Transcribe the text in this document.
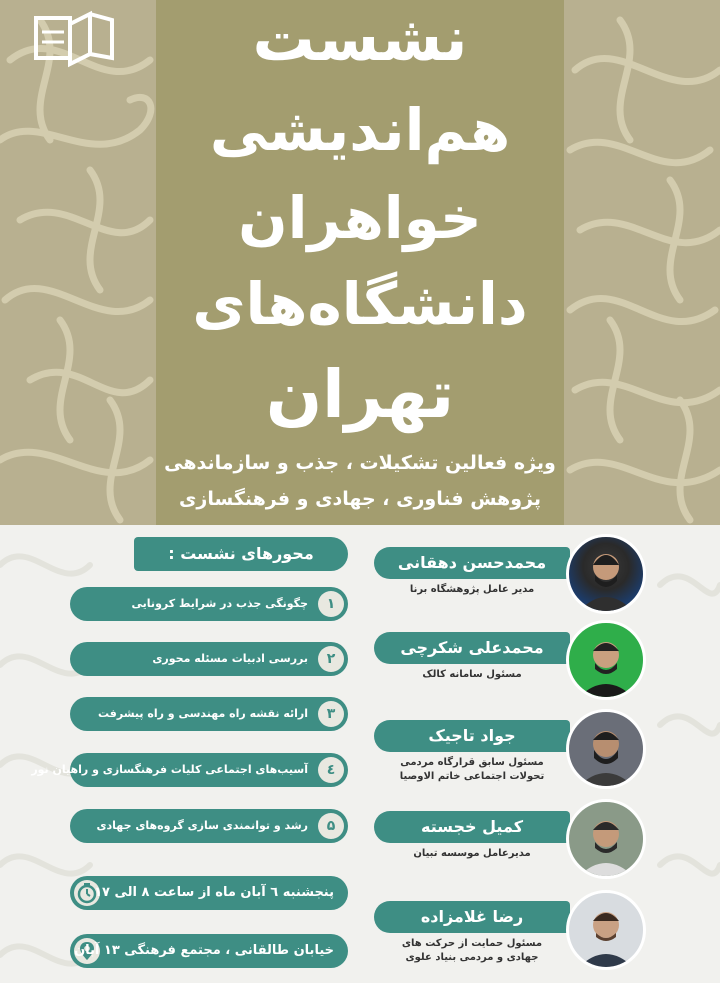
نشست
هم‌اندیشی
خواهران
دانشگاه‌های
تهران
ویژه فعالین تشکیلات ، جذب و سازماندهی
پژوهش فناوری ، جهادی و فرهنگسازی
محورهای نشست :
۱
چگونگی جذب در شرایط کرونایی
۲
بررسی ادبیات مسئله محوری
۳
ارائه نقشه راه مهندسی و راه پیشرفت
٤
آسیب‌های اجتماعی کلیات فرهنگسازی و راهیان نور
۵
رشد و توانمندی سازی گروه‌های جهادی
پنجشنبه ٦ آبان ماه از ساعت ۸ الی ۱۷
خیابان طالقانی ، مجتمع فرهنگی ۱۳ آبان
محمدحسن دهقانی
مدیر عامل پژوهشگاه برنا
محمدعلی شکرچی
مسئول سامانه کالک
جواد تاجیک
مسئول سابق قرارگاه مردمی
تحولات اجتماعی خاتم الاوصیا
کمیل خجسته
مدیرعامل موسسه تبیان
رضا غلامزاده
مسئول حمایت از حرکت های
جهادی و مردمی بنیاد علوی
